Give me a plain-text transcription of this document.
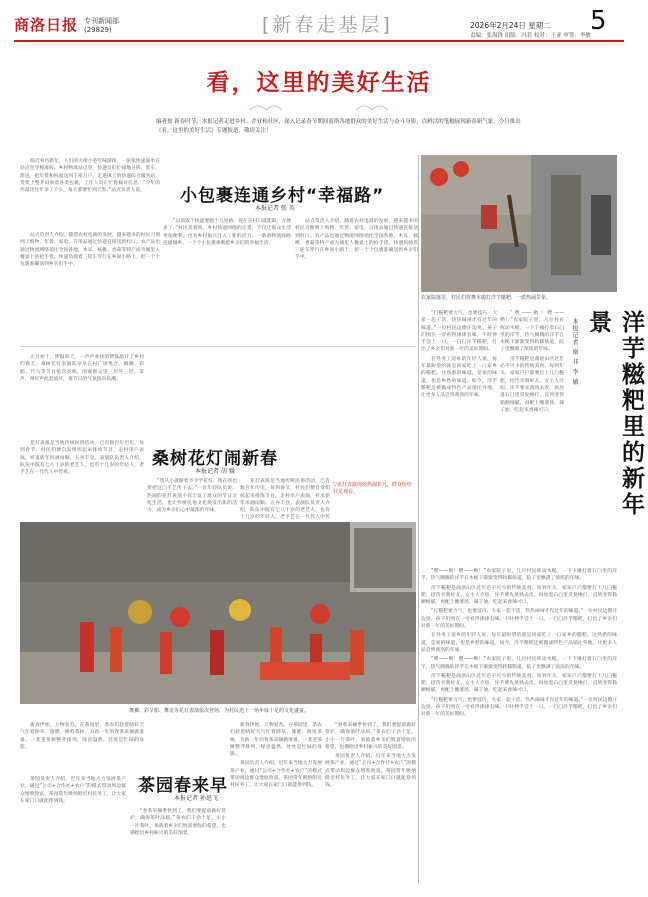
商洛日报 专刊新闻部
(29829)	[新春走基层]	2026年2月24日 星期二 5
责编：张海锋 组版：冯若 校对：王亚 审签：李敏
看，这里的美好生活
编者按 新春时节，本报记者走进乡村、企业和社区，深入记录春节期间商洛各地群众的美好生活与奋斗身影，以鲜活的笔触展现新春新气象。今日推出《看，这里的美好生活》专题报道，敬请关注！
小包裹连通乡村“幸福路”
本报记者 张 英

临近农历新年，人们的大街小巷年味渐浓，一张张快递面单在站点里穿梭流转。乡村物流站点里，快递员们忙碌地分拣、装车、派送，把年货和祝福送到千家万户。走进镇上的快递综合服务站，货架上整齐码放着各类包裹，工作人员正忙着核对信息。“今年的件量比往年多了不少，每天都要忙到天黑。”站点负责人说。

站点负责人介绍，随着农村电商的发展，越来越多的村民习惯网上购物，年货、家电、日用品通过快递直接送到村口。农产品也通过物流网络销往全国各地，木耳、核桃、香菇等特产成为城里人餐桌上的抢手货。快递员骑着三轮车穿行在乡间小路上，把一个个包裹准确送到乡亲们手中。

“以前取个快递要跑十几里路，现在在村口就能取，方便多了。”村民笑着说。乡村快递网络的完善，不仅让群众生活更加便利，也为乡村振兴注入了新的活力。一条条物流线路连通城乡，一个个小包裹承载着乡亲们的幸福生活。

站点负责人介绍，随着农村电商的发展，越来越多的村民习惯网上购物，年货、家电、日用品通过快递直接送到村口。农产品也通过物流网络销往全国各地，木耳、核桃、香菇等特产成为城里人餐桌上的抢手货。快递员骑着三轮车穿行在乡间小路上，把一个个包裹准确送到乡亲们手中。

农家院落里，村民们挥舞木槌打洋芋糍粑，一派热闹景象。
洋芋糍粑里的新年景
本报记者 谢 非 李 敏

“嘿——哟！嘿——哟！”农家院子里，几位村民挥动木槌，一下下捶打着石臼里的洋芋，热气腾腾的洋芋在木槌下渐渐变得软糯筋道，院子里飘满了浓浓的年味。

洋芋糍粑是商洛山区过年必不可少的传统美食。每到年关，家家户户都要打上几臼糍粑，招待亲朋好友。女主人介绍，洋芋要先蒸熟去皮，再放进石臼里反复捶打，直到变得黏稠细腻，再配上酸菜汤、辣子油，吃起来香辣可口。

“打糍粑要力气，也要技巧，大家一起干活，热热闹闹才有过年的味道。”一位村民边擦汗边说。孩子们围在一旁看得津津有味，不时伸手尝上一口。一臼臼洋芋糍粑，打出了乡亲们对新一年的美好期盼。

在外务工返乡的年轻人说，每年最盼望的就是回家吃上一口家乡的糍粑。这熟悉的味道，是家的味道，也是乡愁的味道。如今，洋芋糍粑还被做成特色产品销往外地，让更多人品尝到商洛的年味。

“嘿——哟！嘿——哟！”农家院子里，几位村民挥动木槌，一下下捶打着石臼里的洋芋，热气腾腾的洋芋在木槌下渐渐变得软糯筋道，院子里飘满了浓浓的年味。

洋芋糍粑是商洛山区过年必不可少的传统美食。每到年关，家家户户都要打上几臼糍粑，招待亲朋好友。女主人介绍，洋芋要先蒸熟去皮，再放进石臼里反复捶打，直到变得黏稠细腻，再配上酸菜汤、辣子油，吃起来香辣可口。

“打糍粑要力气，也要技巧，大家一起干活，热热闹闹才有过年的味道。”一位村民边擦汗边说。孩子们围在一旁看得津津有味，不时伸手尝上一口。一臼臼洋芋糍粑，打出了乡亲们对新一年的美好期盼。

在外务工返乡的年轻人说，每年最盼望的就是回家吃上一口家乡的糍粑。这熟悉的味道，是家的味道，也是乡愁的味道。如今，洋芋糍粑还被做成特色产品销往外地，让更多人品尝到商洛的年味。

“嘿——哟！嘿——哟！”农家院子里，几位村民挥动木槌，一下下捶打着石臼里的洋芋，热气腾腾的洋芋在木槌下渐渐变得软糯筋道，院子里飘满了浓浓的年味。

洋芋糍粑是商洛山区过年必不可少的传统美食。每到年关，家家户户都要打上几臼糍粑，招待亲朋好友。女主人介绍，洋芋要先蒸熟去皮，再放进石臼里反复捶打，直到变得黏稠细腻，再配上酸菜汤、辣子油，吃起来香辣可口。

“打糍粑要力气，也要技巧，大家一起干活，热热闹闹才有过年的味道。”一位村民边擦汗边说。孩子们围在一旁看得津津有味，不时伸手尝上一口。一臼臼洋芋糍粑，打出了乡亲们对新一年的美好期盼。

桑树花灯闹新春
本报记者 胡 媛

正月初十，锣鼓喧天，一声声欢快的锣鼓敲开了乡村的春天。桑树花灯表演队早早在村广场集合，舞狮、彩船、竹马等节目依次亮相，围观群众里三层外三层，掌声、叫好声此起彼伏，将节日的气氛推向高潮。

花灯表演是当地传统民俗活动，已有数百年历史。每到春节，村民们便自发组织起来排练节目，走村串户表演，祈求新年风调雨顺、五谷丰登。表演队负责人介绍，队伍中既有七八十岁的老艺人，也有十几岁的年轻人，老手艺在一代代人中传承。

“我从小就跟着爷爷学花灯，现在我也要把这门手艺传下去。”一位年轻队员说。热闹的花灯表演不仅丰富了群众的节日文化生活，也让传统民俗文化焕发出新的活力，成为乡亲们心中最浓的年味。

花灯表演是当地传统民俗活动，已有数百年历史。每到春节，村民们便自发组织起来排练节目，走村串户表演，祈求新年风调雨顺、五谷丰登。表演队负责人介绍，队伍中既有七八十岁的老艺人，也有十几岁的年轻人，老手艺在一代代人中传

▽花灯表演现场热闹非凡，群众纷纷驻足观看。
舞狮、彩旱船、舞龙等花灯表演依次登场，为村民送上一场年味十足的文化盛宴。
茶园春来早
本报记者 孙迅飞

新春伊始，万物复苏。在茶园里，茶农们趁着晴好天气忙着除草、施肥、修剪茶树，为新一年的春茶采摘做准备。一垄垄茶树整齐排列，绿意盎然，处处是忙碌的身影。

茶园负责人介绍，近年来当地大力发展茶产业，通过“公司+合作社+农户”的模式带动周边群众增收致富。茶园常年吸纳附近村民务工，让大家在家门口就能挣到钱。

“春茶采摘季快到了，我们要提前做好管护，确保茶叶品质。”茶农们干劲十足。小小一片茶叶，承载着乡亲们致富增收的希望，也描绘出乡村振兴的美好图景。

新春伊始，万物复苏。在茶园里，茶农们趁着晴好天气忙着除草、施肥、修剪茶树，为新一年的春茶采摘做准备。一垄垄茶树整齐排列，绿意盎然，处处是忙碌的身影。

茶园负责人介绍，近年来当地大力发展茶产业，通过“公司+合作社+农户”的模式带动周边群众增收致富。茶园常年吸纳附近村民务工，让大家在家门口就能挣到钱。

“春茶采摘季快到了，我们要提前做好管护，确保茶叶品质。”茶农们干劲十足。小小一片茶叶，承载着乡亲们致富增收的希望，也描绘出乡村振兴的美好图景。

茶园负责人介绍，近年来当地大力发展茶产业，通过“公司+合作社+农户”的模式带动周边群众增收致富。茶园常年吸纳附近村民务工，让大家在家门口就能挣到钱。
